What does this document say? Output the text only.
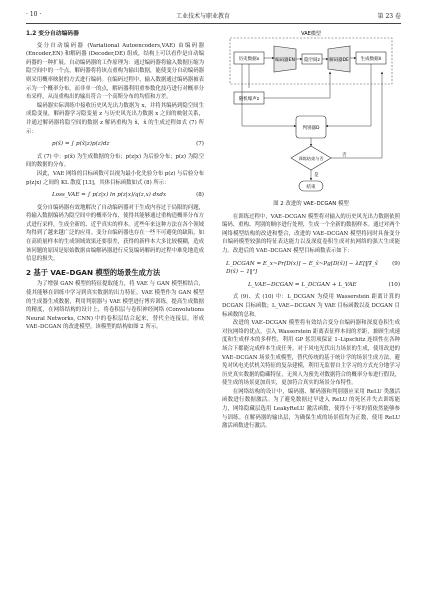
· 10 ·	工业技术与职业教育	第 23 卷
1.2 变分自动编码器

变分自动编码器 (Variational Autoencoders,VAE) 由编码器 (Encoder,EN) 和解码器 (Decoder,DE) 组成，结构上可以看作是自动编码器的一种扩展。自动编码器的工作原理为：通过编码器将输入数据压缩为隐空间中的一个点，解码器将将该点重构为输出数据，能使变分自动编码器则采用概率映射的方式进行编码。在编码过程中，输入数据通过编码器被表示为一个概率分布，而非单一的点，解码器利用重参数化技巧进行对概率分布采样，从而重构出的输出符合一个高斯分布的均值和方差。

编码器实际训练中接收历史风光出力数据为 x，并将其编码到隐空间生成隐变量，解码器学习隐变量 z 与历史风光出力数据 x 之间的映射关系，并通过解码器将隐空间的数据 z 解码重构为 x̃，x̃ 的生成过程如式 (7) 所示：

p(x̃) = ∫ p(x̃|z)p(z)dz	(7)

式 (7) 中：p(x̃) 为生成数据的分布；p(z|x) 为后验分布；p(z) 为隐空间的数据的分布。

因此，VAE 网络的目标函数可以视为最小化先验分布 p(z) 与后验分布 p(z|x) 之间的 KL 散度 [13]，其体目标函数如式 (8) 所示：

Loss_VAE = ∫ p(z|x) ln p(z|x)/q(z,x) dxdx	(8)

变分自编码器有效地解决了自动编码器对于生成内容过于局限的问题，将输入数据编码为隐空间中的概率分布，使得其能够通过重构造概率分布方式进行采样，生成全新的、近乎真实的样本。近些年来这种方法在各个领域均得到了越来越广泛的应用。变分自编码器也存在一些不可避免的缺陷，如在高质量样本的生成领域效果还要很差，获得的新样本大多比较模糊，造成该问题的原因是原始数据由编解码器进行反复编码解码的过程中难免地造成信息的损失。

2 基于 VAE–DGAN 模型的场景生成方法

为了增强 GAN 模型的特征提取能力，将 VAE 与 GAN 模型相结合，使其能够在训练中学习到真实数据的出力特征。VAE 模型作为 GAN 模型的生成器生成数据，利用判别器与 VAE 模型进行博弈训练，提高生成数据的精度，在网络结构的设计上，将卷积层与卷积神经网络 (Convolutions Neural Networks, CNN) 中的卷积层结合起来，替代全连接层，形成 VAE–DCGAN 的改进模型。该模型的结构如图 2 所示。

VAE模型
历史数据x	编码器EN 隐空间z 解码器DE	生成数据x̃
随机噪声z
判别器D
训练结束与否
否
是
结束
图 2 改进的 VAE–DCGAN 模型

在训练过程中，VAE–DCGAN 模型将对输入的历史风光出力数据依照编码、重构、判别的顺序进行处理，生成一个全新的数据样本。通过对两个网络模型结构的改进和整合，改进的 VAE–DCGAN 模型将同时具备变分自编码模型较强的特征表达能力以及深度卷积生成对抗网络的强大生成能力。改进后的 VAE–DCGAN 模型目标函数表示如下：

L_DCGAN = E_x~Pr[D(x)] − E_x̃~Pg[D(x̃)] − λE[‖∇_x̂ D(x̂) − 1‖²]
(9)
L_VAE−DCGAN = L_DCGAN + L_VAE	(10)

式 (9)、式 (10) 中：L_DCGAN 为使用 Wasserstein 距离计算的 DCGAN 目标函数；L_VAE−DCGAN 为 VAE 目标函数以及 DCGAN 目标函数的总和。

改进的 VAE–DCGAN 模型将有效结合变分自编码器和深度卷积生成对抗网络的优点，引入 Wasserstein 距离表征样本间的差距，兼顾生成速度和生成样本的多样性，利用 GP 惩罚项保证 1–Lipschitz 连续性在各种场合下都能完成样本生成任务。对于风电光伏出力场景的生成，使用改进的 VAE–DCGAN 场景生成模型，替代传统的基于统计学的场景生成方法，避免对风电光伏机关特征的复杂建模，利用无监督自主学习的方式充分地学习历史真实数据的隐藏特征，无须人为预先对数据符合的概率分布进行假设，使生成的场景更加真实，更加符合真实的场景分布特性。

在网络结构的设计中，编码器、解码器和判别器应采用 ReLU 类激活函数进行数据激活。为了避免数据过早进入 ReLU 的死区并失去训练能力，网络隐藏层选用 LeakyReLU 激活函数，使得小于零的值依然能够参与训练。在解码器的输出层，为确保生成的场景值均为正数，使用 ReLU 激活函数进行激活。
